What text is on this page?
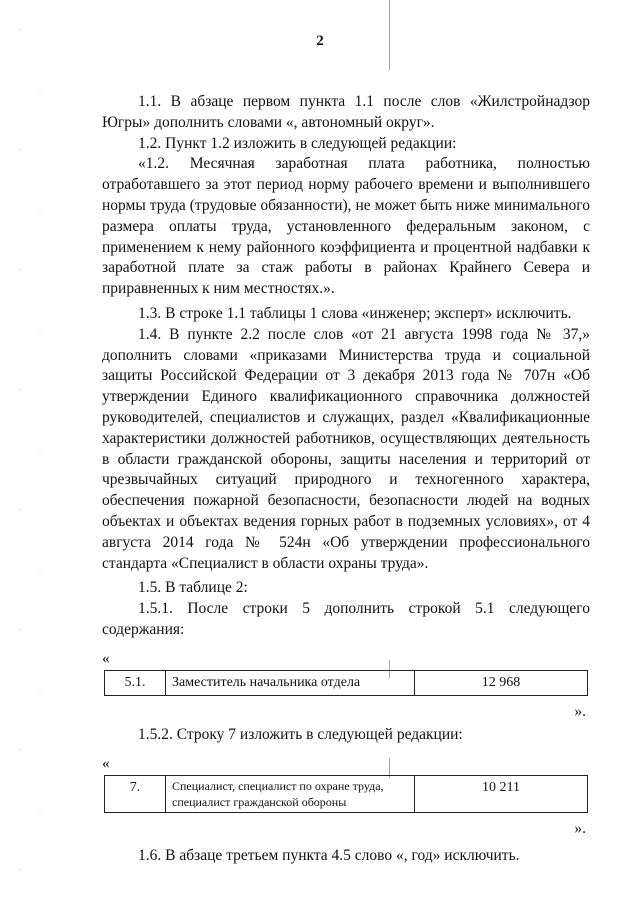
2

1.1. В абзаце первом пункта 1.1 после слов «Жилстройнадзор Югры» дополнить словами «, автономный округ».

1.2. Пункт 1.2 изложить в следующей редакции:

«1.2. Месячная заработная плата работника, полностью отработавшего за этот период норму рабочего времени и выполнившего нормы труда (трудовые обязанности), не может быть ниже минимального размера оплаты труда, установленного федеральным законом, с применением к нему районного коэффициента и процентной надбавки к заработной плате за стаж работы в районах Крайнего Севера и приравненных к ним местностях.».

1.3. В строке 1.1 таблицы 1 слова «инженер; эксперт» исключить.

1.4. В пункте 2.2 после слов «от 21 августа 1998 года № 37,» дополнить словами «приказами Министерства труда и социальной защиты Российской Федерации от 3 декабря 2013 года № 707н «Об утверждении Единого квалификационного справочника должностей руководителей, специалистов и служащих, раздел «Квалификационные характеристики должностей работников, осуществляющих деятельность в области гражданской обороны, защиты населения и территорий от чрезвычайных ситуаций природного и техногенного характера, обеспечения пожарной безопасности, безопасности людей на водных объектах и объектах ведения горных работ в подземных условиях», от 4 августа 2014 года № 524н «Об утверждении профессионального стандарта «Специалист в области охраны труда».

1.5. В таблице 2:

1.5.1. После строки 5 дополнить строкой 5.1 следующего содержания:

«

5.1.	Заместитель начальника отдела	12 968

».

1.5.2. Строку 7 изложить в следующей редакции:

«

7.	Специалист, специалист по охране труда, специалист гражданской обороны	10 211

».

1.6. В абзаце третьем пункта 4.5 слово «, год» исключить.
